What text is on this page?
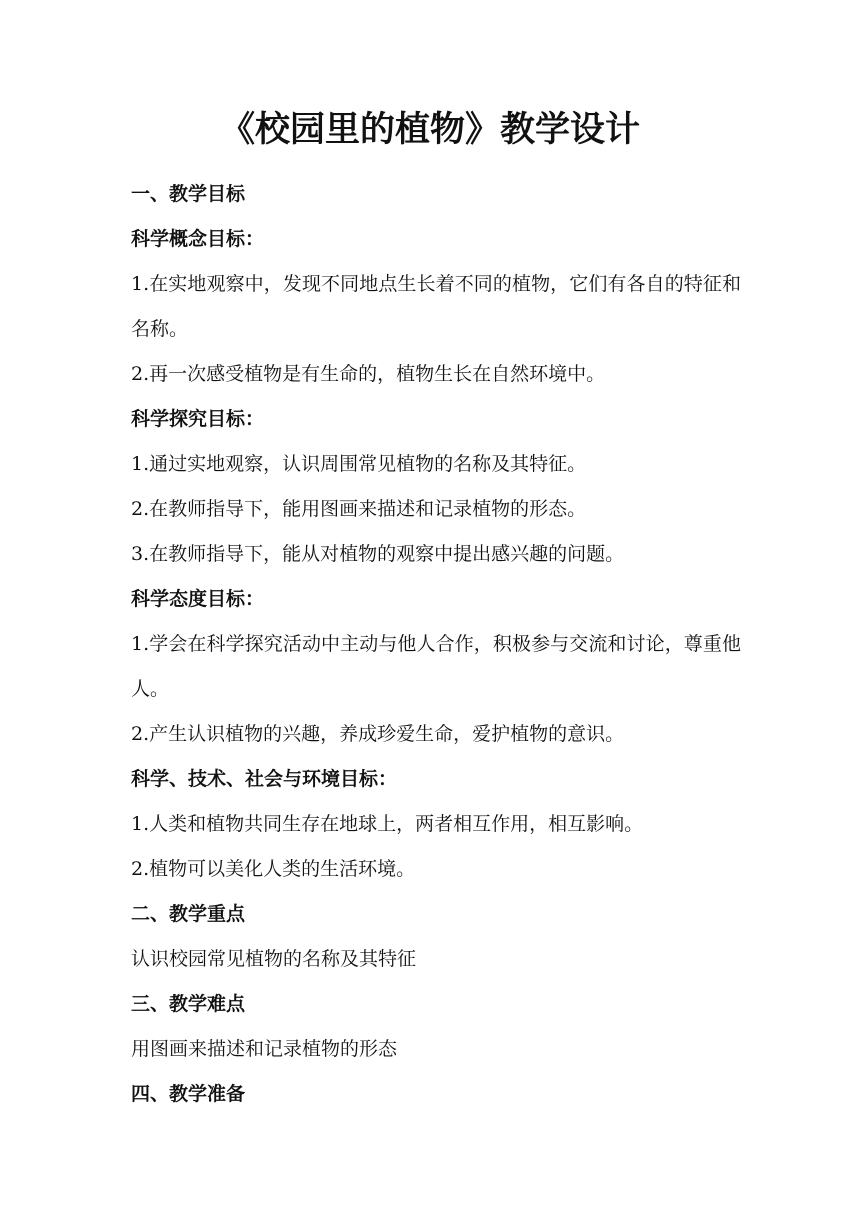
《校园里的植物》教学设计
一、教学目标
科学概念目标：
1.在实地观察中，发现不同地点生长着不同的植物，它们有各自的特征和名称。
2.再一次感受植物是有生命的，植物生长在自然环境中。
科学探究目标：
1.通过实地观察，认识周围常见植物的名称及其特征。
2.在教师指导下，能用图画来描述和记录植物的形态。
3.在教师指导下，能从对植物的观察中提出感兴趣的问题。
科学态度目标：
1.学会在科学探究活动中主动与他人合作，积极参与交流和讨论，尊重他人。
2.产生认识植物的兴趣，养成珍爱生命，爱护植物的意识。
科学、技术、社会与环境目标：
1.人类和植物共同生存在地球上，两者相互作用，相互影响。
2.植物可以美化人类的生活环境。
二、教学重点
认识校园常见植物的名称及其特征
三、教学难点
用图画来描述和记录植物的形态
四、教学准备
